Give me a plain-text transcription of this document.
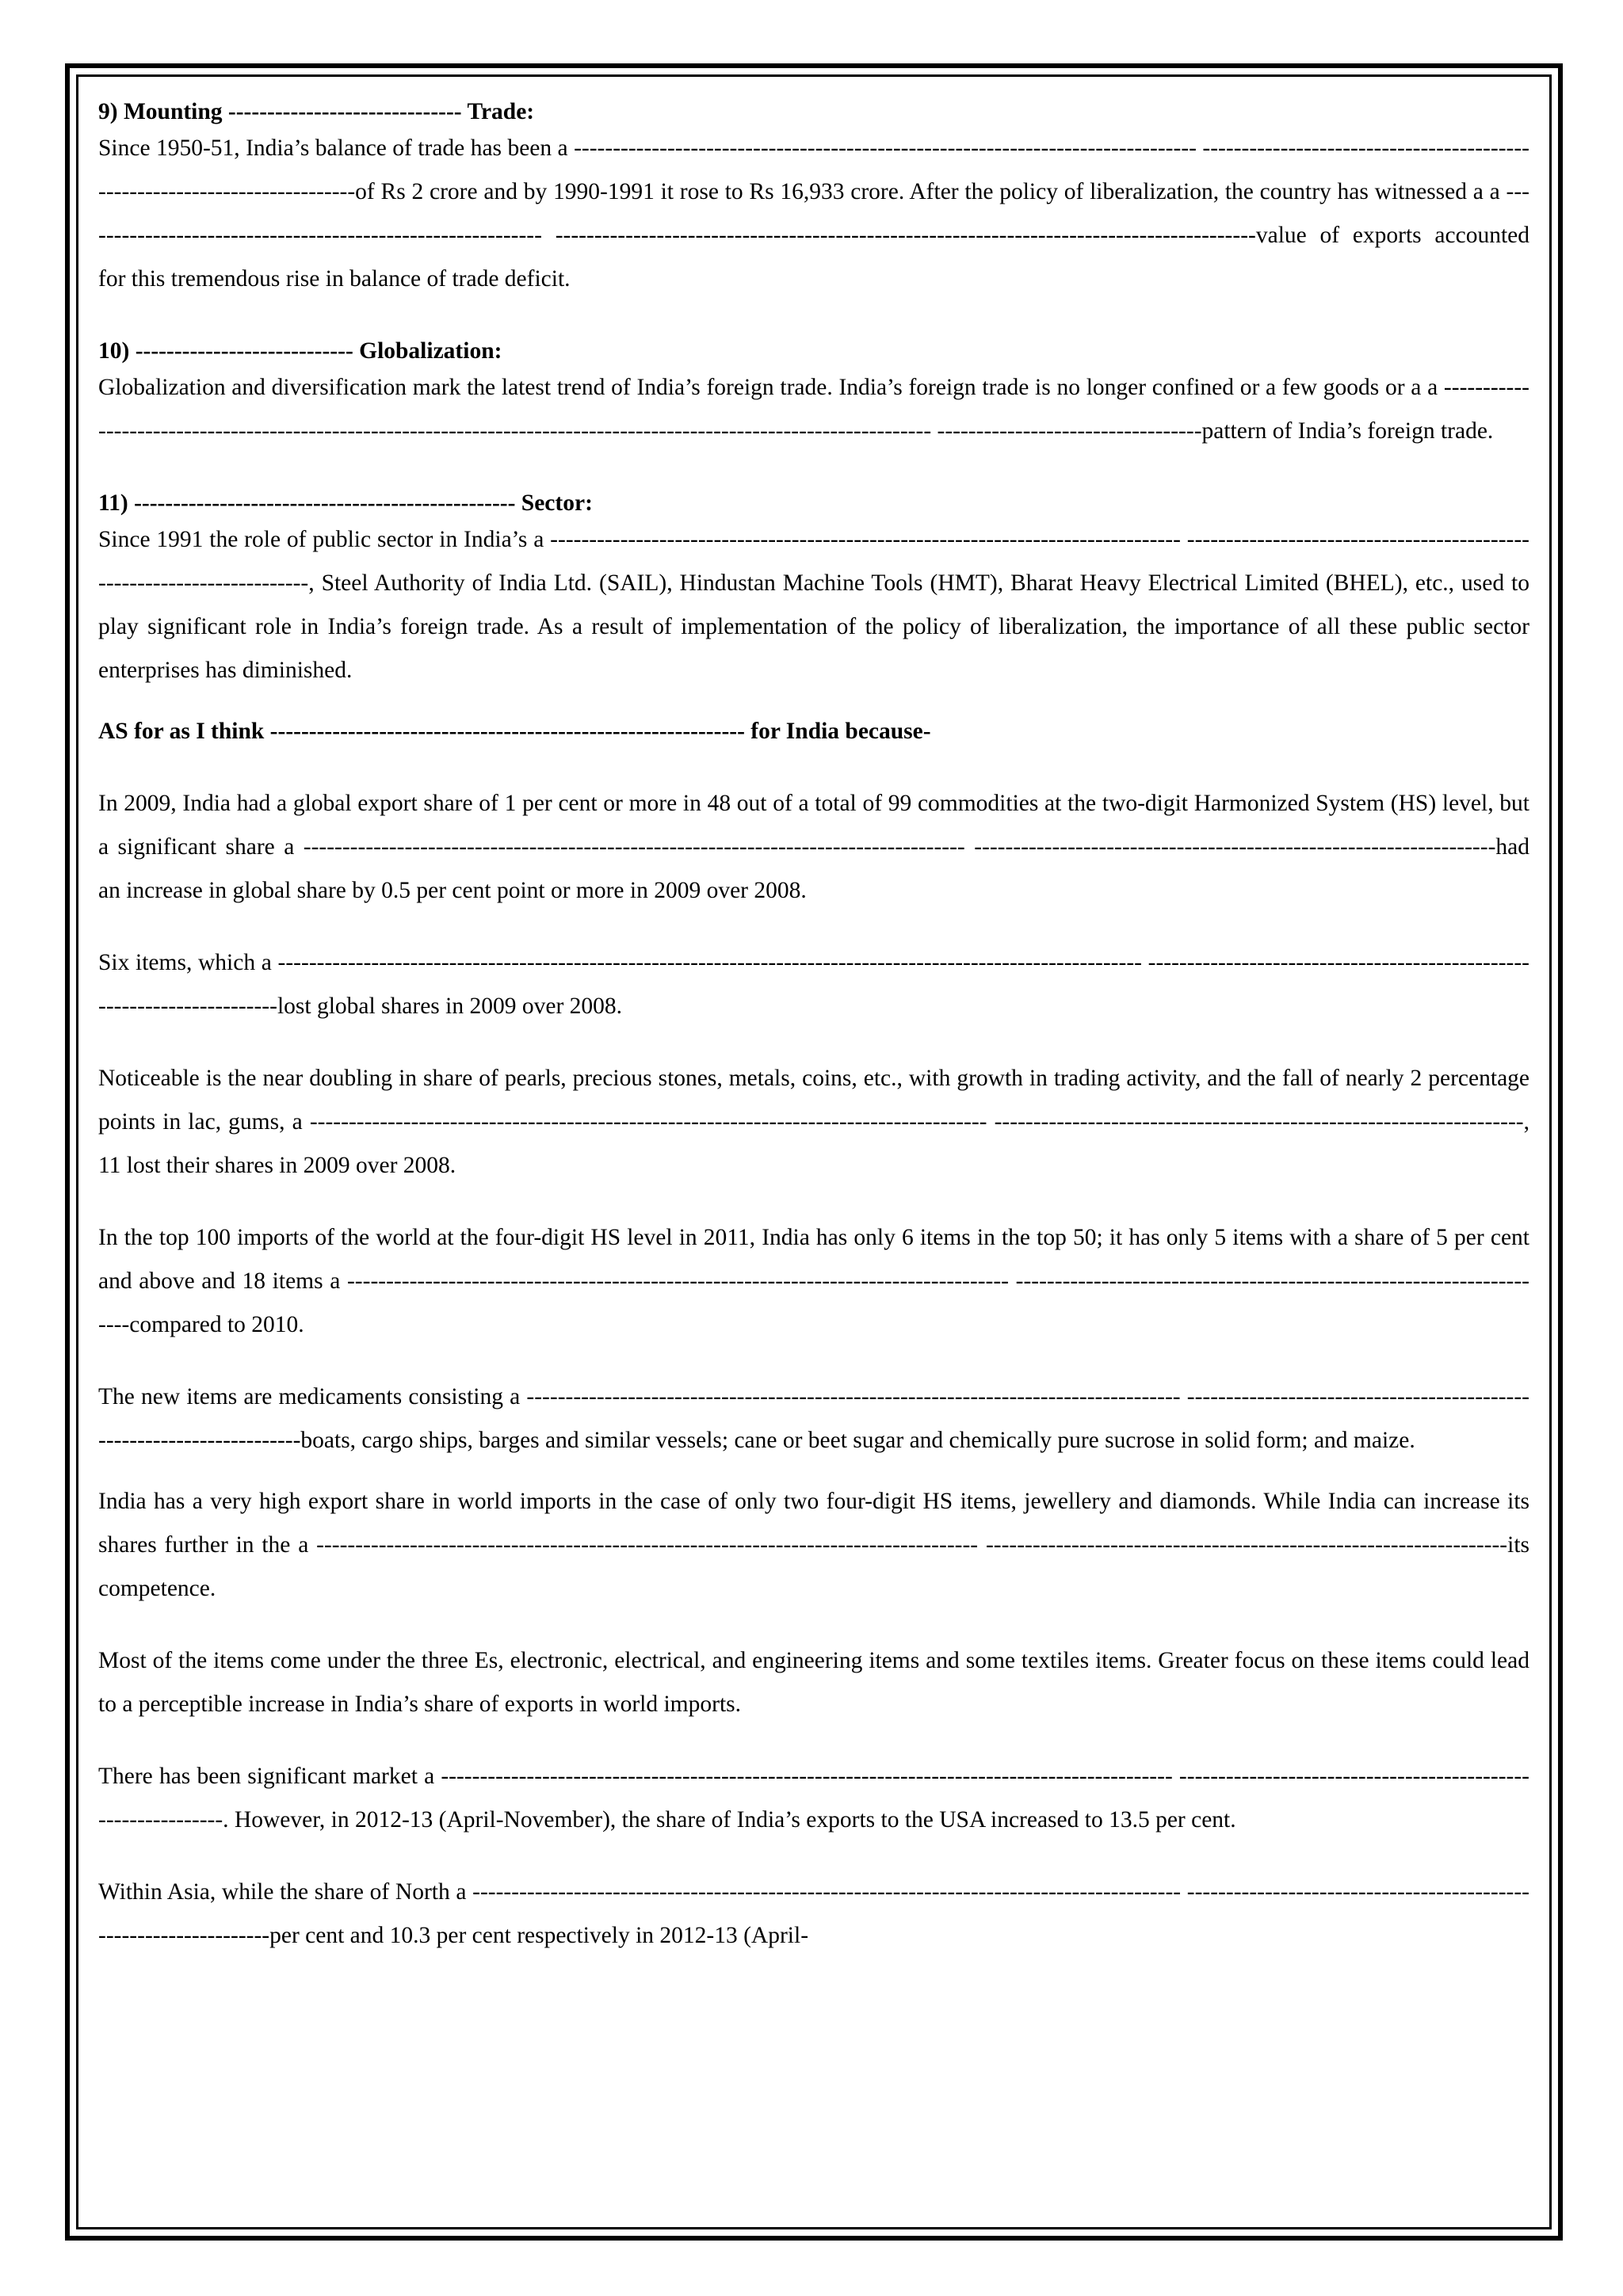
9) Mounting ------------------------------ Trade:

Since 1950-51, India’s balance of trade has been a -------------------------------------------------------------------------------- ---------------------------------------------------------------------------of Rs 2 crore and by 1990-1991 it rose to Rs 16,933 crore. After the policy of liberalization, the country has witnessed a a ------------------------------------------------------------ ------------------------------------------------------------------------------------------value of exports accounted for this tremendous rise in balance of trade deficit.

10) ---------------------------- Globalization:

Globalization and diversification mark the latest trend of India’s foreign trade. India’s foreign trade is no longer confined or a few goods or a a ---------------------------------------------------------------------------------------------------------------------- ----------------------------------pattern of India’s foreign trade.

11) ------------------------------------------------- Sector:

Since 1991 the role of public sector in India’s a --------------------------------------------------------------------------------- -----------------------------------------------------------------------, Steel Authority of India Ltd. (SAIL), Hindustan Machine Tools (HMT), Bharat Heavy Electrical Limited (BHEL), etc., used to play significant role in India’s foreign trade. As a result of implementation of the policy of liberalization, the importance of all these public sector enterprises has diminished.

AS for as I think ------------------------------------------------------------- for India because-

In 2009, India had a global export share of 1 per cent or more in 48 out of a total of 99 commodities at the two-digit Harmonized System (HS) level, but a significant share a ------------------------------------------------------------------------------------- -------------------------------------------------------------------had an increase in global share by 0.5 per cent point or more in 2009 over 2008.

Six items, which a --------------------------------------------------------------------------------------------------------------- ------------------------------------------------------------------------lost global shares in 2009 over 2008.

Noticeable is the near doubling in share of pearls, precious stones, metals, coins, etc., with growth in trading activity, and the fall of nearly 2 percentage points in lac, gums, a --------------------------------------------------------------------------------------- --------------------------------------------------------------------, 11 lost their shares in 2009 over 2008.

In the top 100 imports of the world at the four-digit HS level in 2011, India has only 6 items in the top 50; it has only 5 items with a share of 5 per cent and above and 18 items a ------------------------------------------------------------------------------------- ----------------------------------------------------------------------compared to 2010.

The new items are medicaments consisting a ------------------------------------------------------------------------------------ ----------------------------------------------------------------------boats, cargo ships, barges and similar vessels; cane or beet sugar and chemically pure sucrose in solid form; and maize.

India has a very high export share in world imports in the case of only two four-digit HS items, jewellery and diamonds. While India can increase its shares further in the a ------------------------------------------------------------------------------------- -------------------------------------------------------------------its competence.

Most of the items come under the three Es, electronic, electrical, and engineering items and some textiles items. Greater focus on these items could lead to a perceptible increase in India’s share of exports in world imports.

There has been significant market a ---------------------------------------------------------------------------------------------- -------------------------------------------------------------. However, in 2012-13 (April-November), the share of India’s exports to the USA increased to 13.5 per cent.

Within Asia, while the share of North a ------------------------------------------------------------------------------------------- ------------------------------------------------------------------per cent and 10.3 per cent respectively in 2012-13 (April-
